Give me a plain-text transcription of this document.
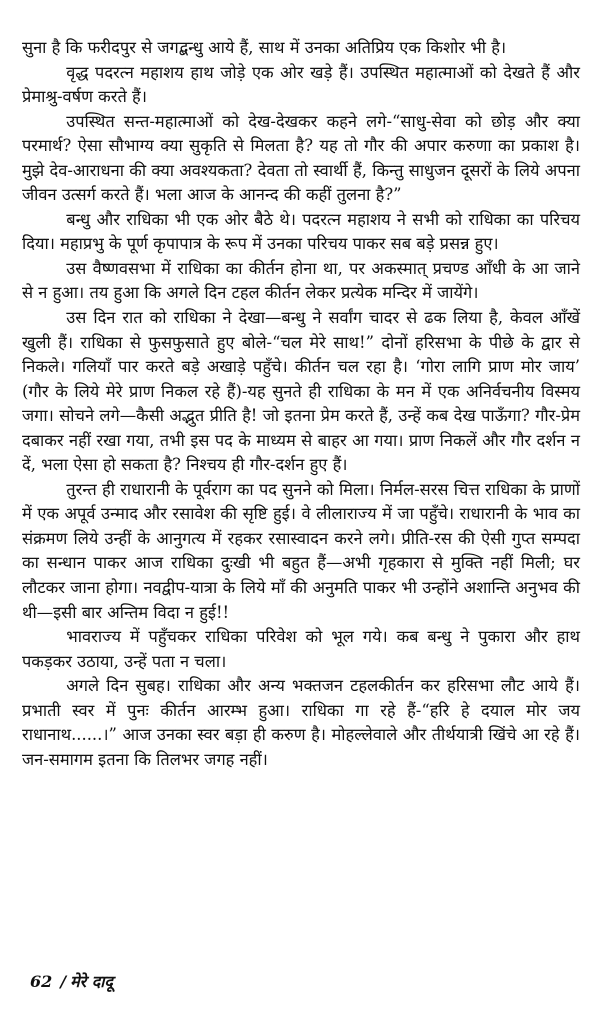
सुना है कि फरीदपुर से जगद्बन्धु आये हैं, साथ में उनका अतिप्रिय एक किशोर भी है।

वृद्ध पदरत्न महाशय हाथ जोड़े एक ओर खड़े हैं। उपस्थित महात्माओं को देखते हैं और प्रेमाश्रु-वर्षण करते हैं।

उपस्थित सन्त-महात्माओं को देख-देखकर कहने लगे-“साधु-सेवा को छोड़ और क्या परमार्थ? ऐसा सौभाग्य क्या सुकृति से मिलता है? यह तो गौर की अपार करुणा का प्रकाश है। मुझे देव-आराधना की क्या अवश्यकता? देवता तो स्वार्थी हैं, किन्तु साधुजन दूसरों के लिये अपना जीवन उत्सर्ग करते हैं। भला आज के आनन्द की कहीं तुलना है?”

बन्धु और राधिका भी एक ओर बैठे थे। पदरत्न महाशय ने सभी को राधिका का परिचय दिया। महाप्रभु के पूर्ण कृपापात्र के रूप में उनका परिचय पाकर सब बड़े प्रसन्न हुए।

उस वैष्णवसभा में राधिका का कीर्तन होना था, पर अकस्मात् प्रचण्ड आँधी के आ जाने से न हुआ। तय हुआ कि अगले दिन टहल कीर्तन लेकर प्रत्येक मन्दिर में जायेंगे।

उस दिन रात को राधिका ने देखा—बन्धु ने सर्वांग चादर से ढक लिया है, केवल आँखें खुली हैं। राधिका से फुसफुसाते हुए बोले-“चल मेरे साथ!” दोनों हरिसभा के पीछे के द्वार से निकले। गलियाँ पार करते बड़े अखाड़े पहुँचे। कीर्तन चल रहा है। ‘गोरा लागि प्राण मोर जाय’ (गौर के लिये मेरे प्राण निकल रहे हैं)-यह सुनते ही राधिका के मन में एक अनिर्वचनीय विस्मय जगा। सोचने लगे—कैसी अद्भुत प्रीति है! जो इतना प्रेम करते हैं, उन्हें कब देख पाऊँगा? गौर-प्रेम दबाकर नहीं रखा गया, तभी इस पद के माध्यम से बाहर आ गया। प्राण निकलें और गौर दर्शन न दें, भला ऐसा हो सकता है? निश्चय ही गौर-दर्शन हुए हैं।

तुरन्त ही राधारानी के पूर्वराग का पद सुनने को मिला। निर्मल-सरस चित्त राधिका के प्राणों में एक अपूर्व उन्माद और रसावेश की सृष्टि हुई। वे लीलाराज्य में जा पहुँचे। राधारानी के भाव का संक्रमण लिये उन्हीं के आनुगत्य में रहकर रसास्वादन करने लगे। प्रीति-रस की ऐसी गुप्त सम्पदा का सन्धान पाकर आज राधिका दुःखी भी बहुत हैं—अभी गृहकारा से मुक्ति नहीं मिली; घर लौटकर जाना होगा। नवद्वीप-यात्रा के लिये माँ की अनुमति पाकर भी उन्होंने अशान्ति अनुभव की थी—इसी बार अन्तिम विदा न हुई!!

भावराज्य में पहुँचकर राधिका परिवेश को भूल गये। कब बन्धु ने पुकारा और हाथ पकड़कर उठाया, उन्हें पता न चला।

अगले दिन सुबह। राधिका और अन्य भक्तजन टहलकीर्तन कर हरिसभा लौट आये हैं। प्रभाती स्वर में पुनः कीर्तन आरम्भ हुआ। राधिका गा रहे हैं-“हरि हे दयाल मोर जय राधानाथ......।” आज उनका स्वर बड़ा ही करुण है। मोहल्लेवाले और तीर्थयात्री खिंचे आ रहे हैं। जन-समागम इतना कि तिलभर जगह नहीं।

62 / मेरे दादू
